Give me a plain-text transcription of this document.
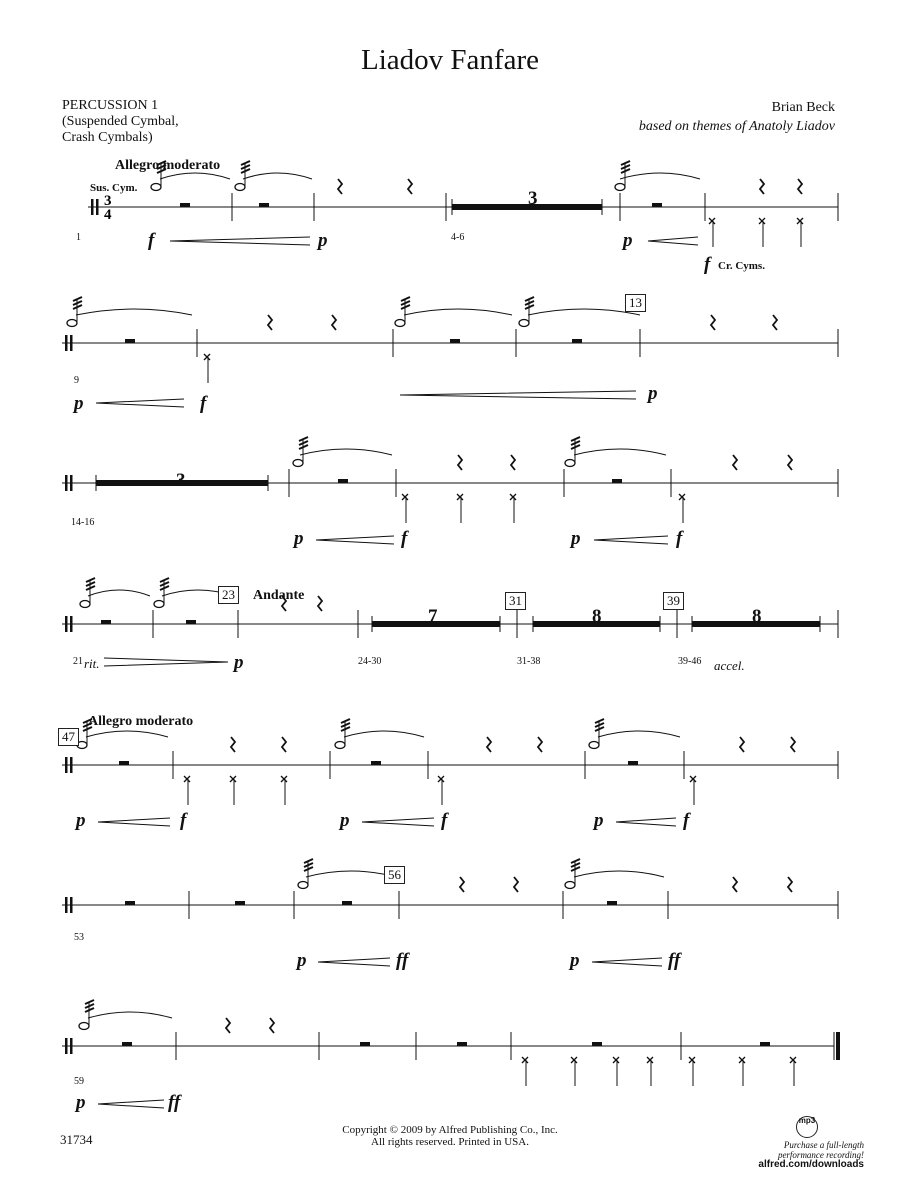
Liadov Fanfare
PERCUSSION 1
(Suspended Cymbal,
Crash Cymbals)
Brian Beck
based on themes of Anatoly Liadov
3
4
Allegro moderato
Sus. Cym.
Andante
Allegro moderato
Cr. Cyms.
13
23	31	39
47
56
3
3
7	8	8
1	4-6
9
14-16
21	24-30	31-38	39-46
53
59
f	p	p
f
p	f	p
p	f	p	f
rit.	p	accel.
p	f	p	f	p	f
p	ff	p	ff
p	ff
Copyright © 2009 by Alfred Publishing Co., Inc.
All rights reserved. Printed in USA.
31734
mp3
Purchase a full-length
performance recording!
alfred.com/downloads
